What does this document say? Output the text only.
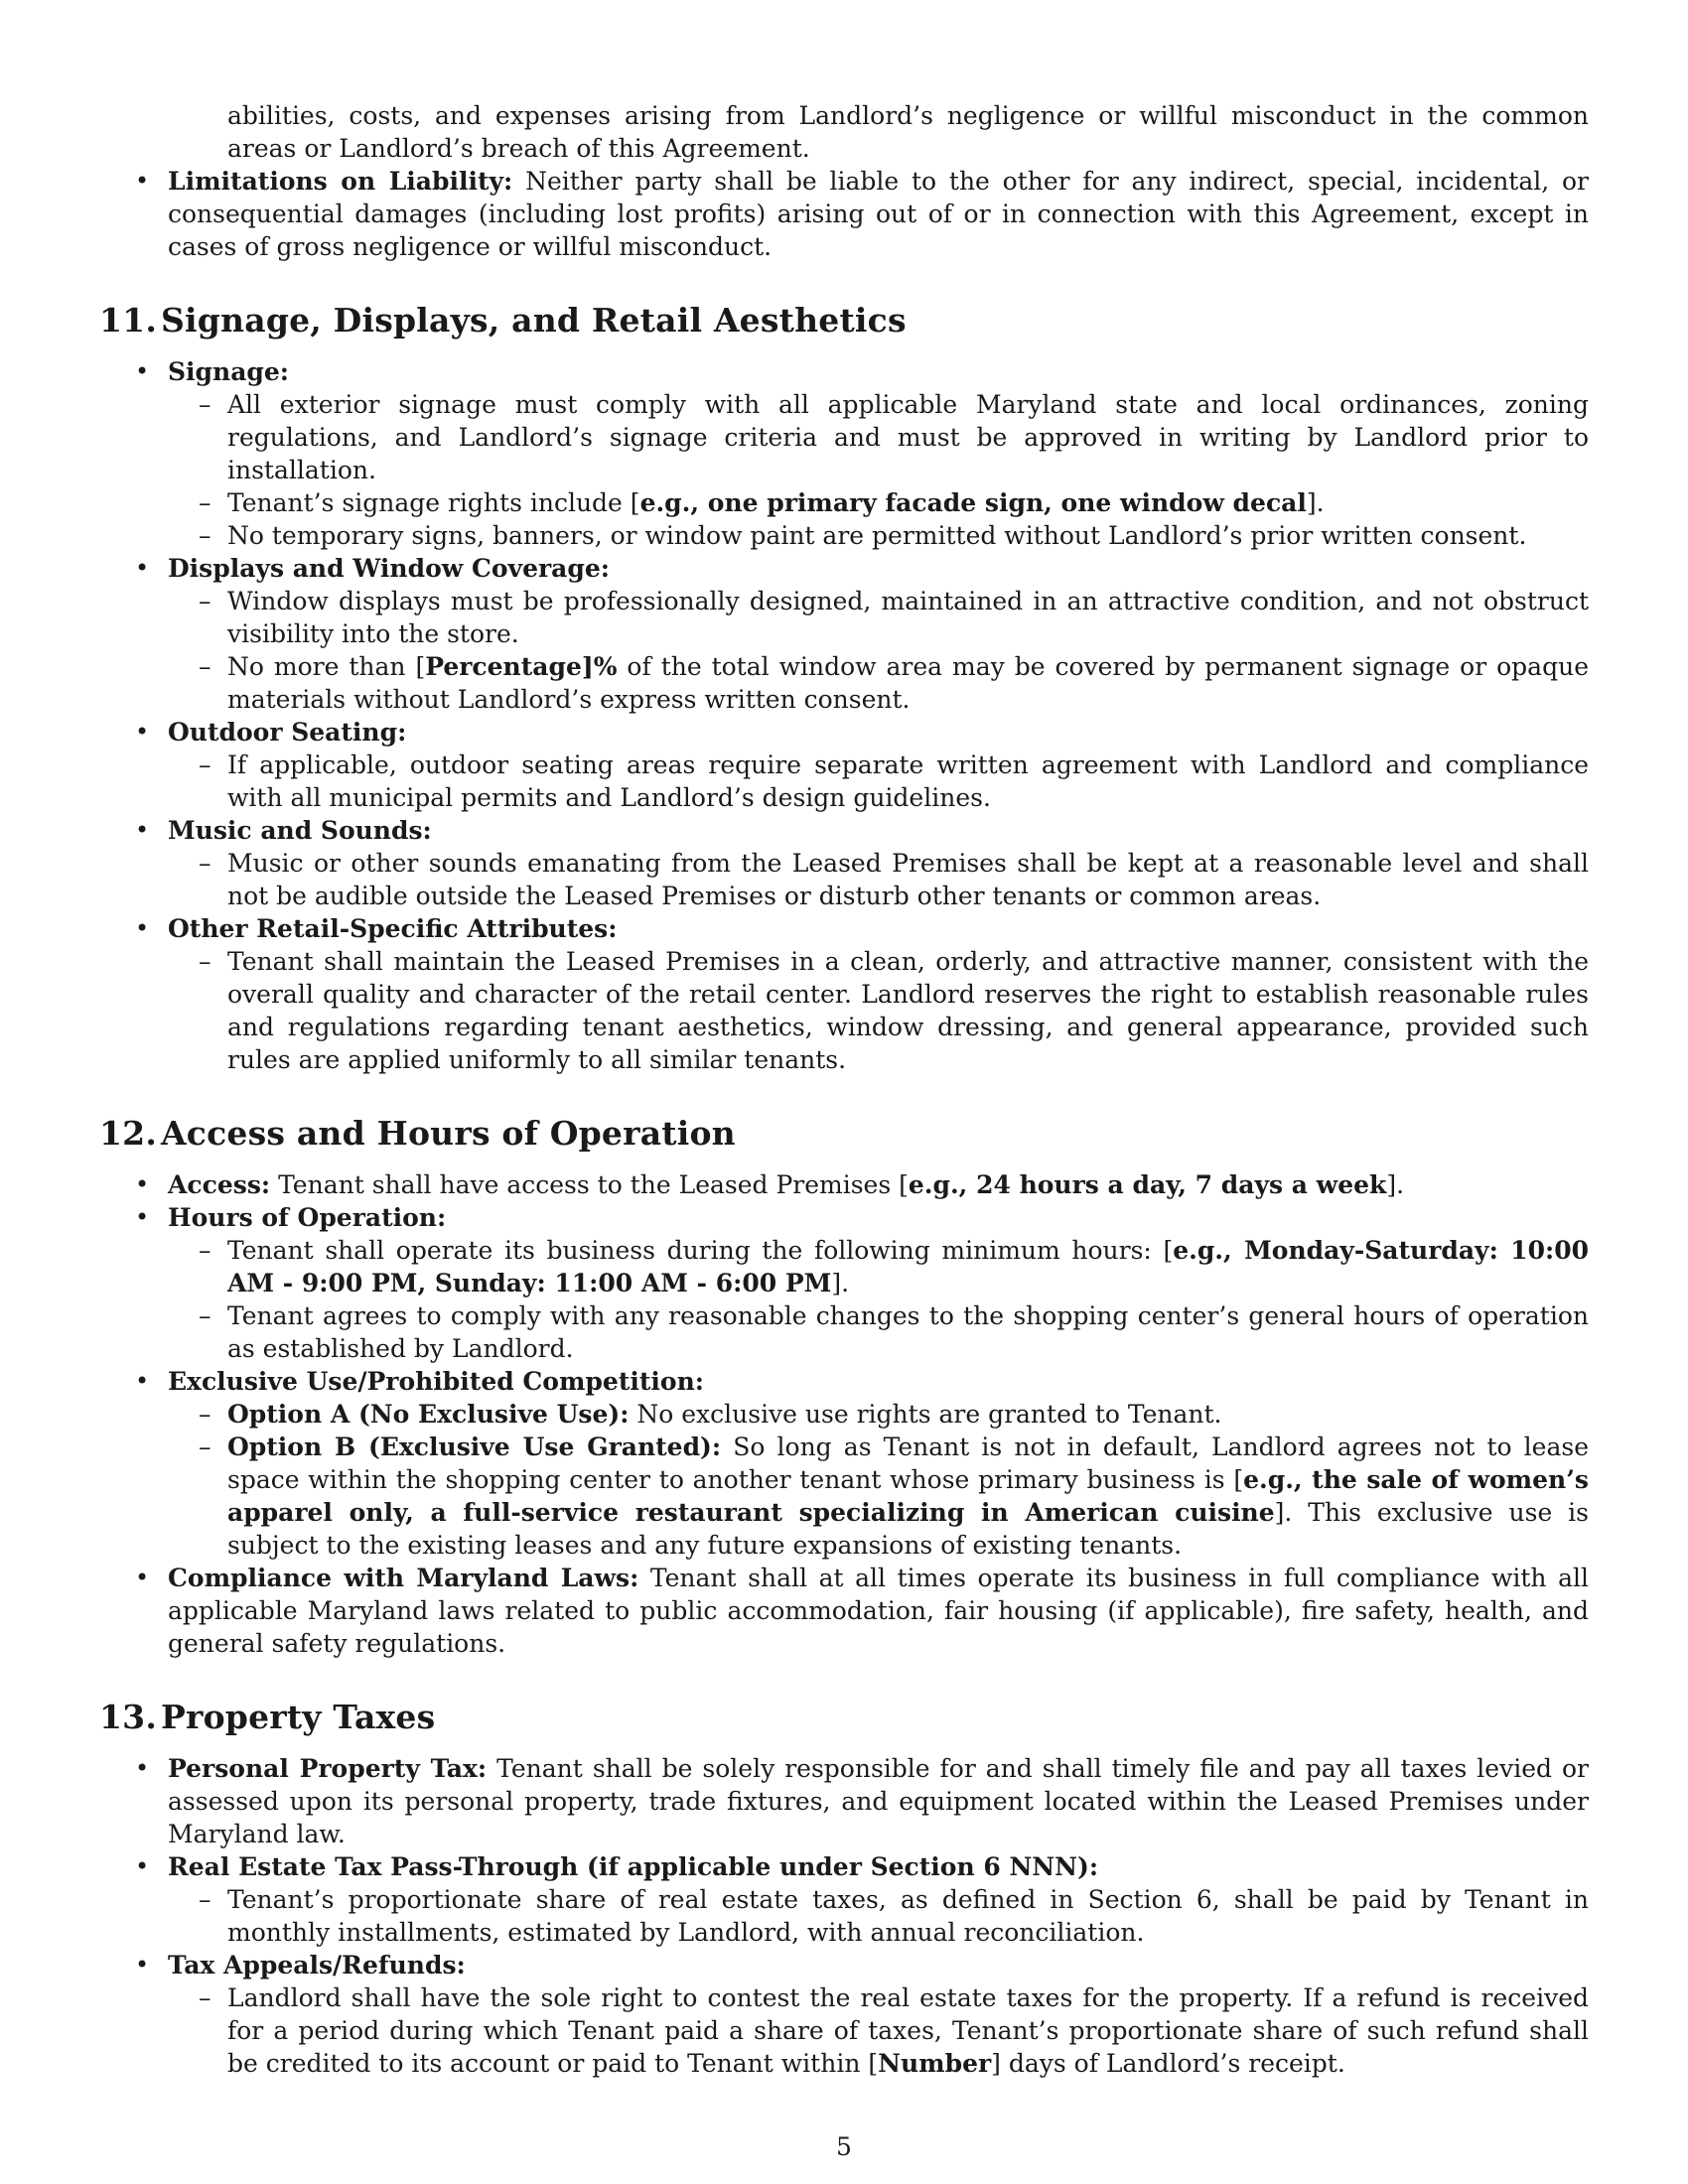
abilities, costs, and expenses arising from Landlord’s negligence or willful misconduct in the common areas or Landlord’s breach of this Agreement.

• Limitations on Liability: Neither party shall be liable to the other for any indirect, special, incidental, or consequential damages (including lost profits) arising out of or in connection with this Agreement, except in cases of gross negligence or willful misconduct.
11. Signage, Displays, and Retail Aesthetics
• Signage:
– All exterior signage must comply with all applicable Maryland state and local ordinances, zoning regulations, and Landlord’s signage criteria and must be approved in writing by Landlord prior to installation.
– Tenant’s signage rights include [e.g., one primary facade sign, one window decal].
– No temporary signs, banners, or window paint are permitted without Landlord’s prior written consent.
• Displays and Window Coverage:
– Window displays must be professionally designed, maintained in an attractive condition, and not obstruct visibility into the store.
– No more than [Percentage]% of the total window area may be covered by permanent signage or opaque materials without Landlord’s express written consent.
• Outdoor Seating:
– If applicable, outdoor seating areas require separate written agreement with Landlord and compliance with all municipal permits and Landlord’s design guidelines.
• Music and Sounds:
– Music or other sounds emanating from the Leased Premises shall be kept at a reasonable level and shall not be audible outside the Leased Premises or disturb other tenants or common areas.
• Other Retail-Specific Attributes:
– Tenant shall maintain the Leased Premises in a clean, orderly, and attractive manner, consistent with the overall quality and character of the retail center. Landlord reserves the right to establish reasonable rules and regulations regarding tenant aesthetics, window dressing, and general appearance, provided such rules are applied uniformly to all similar tenants.
12. Access and Hours of Operation
• Access: Tenant shall have access to the Leased Premises [e.g., 24 hours a day, 7 days a week].
• Hours of Operation:
– Tenant shall operate its business during the following minimum hours: [e.g., Monday-Saturday: 10:00 AM - 9:00 PM, Sunday: 11:00 AM - 6:00 PM].
– Tenant agrees to comply with any reasonable changes to the shopping center’s general hours of operation as established by Landlord.
• Exclusive Use/Prohibited Competition:
– Option A (No Exclusive Use): No exclusive use rights are granted to Tenant.
– Option B (Exclusive Use Granted): So long as Tenant is not in default, Landlord agrees not to lease space within the shopping center to another tenant whose primary business is [e.g., the sale of women’s apparel only, a full-service restaurant specializing in American cuisine]. This exclusive use is subject to the existing leases and any future expansions of existing tenants.
• Compliance with Maryland Laws: Tenant shall at all times operate its business in full compliance with all applicable Maryland laws related to public accommodation, fair housing (if applicable), fire safety, health, and general safety regulations.
13. Property Taxes
• Personal Property Tax: Tenant shall be solely responsible for and shall timely file and pay all taxes levied or assessed upon its personal property, trade fixtures, and equipment located within the Leased Premises under Maryland law.
• Real Estate Tax Pass-Through (if applicable under Section 6 NNN):
– Tenant’s proportionate share of real estate taxes, as defined in Section 6, shall be paid by Tenant in monthly installments, estimated by Landlord, with annual reconciliation.
• Tax Appeals/Refunds:
– Landlord shall have the sole right to contest the real estate taxes for the property. If a refund is received for a period during which Tenant paid a share of taxes, Tenant’s proportionate share of such refund shall be credited to its account or paid to Tenant within [Number] days of Landlord’s receipt.
5
